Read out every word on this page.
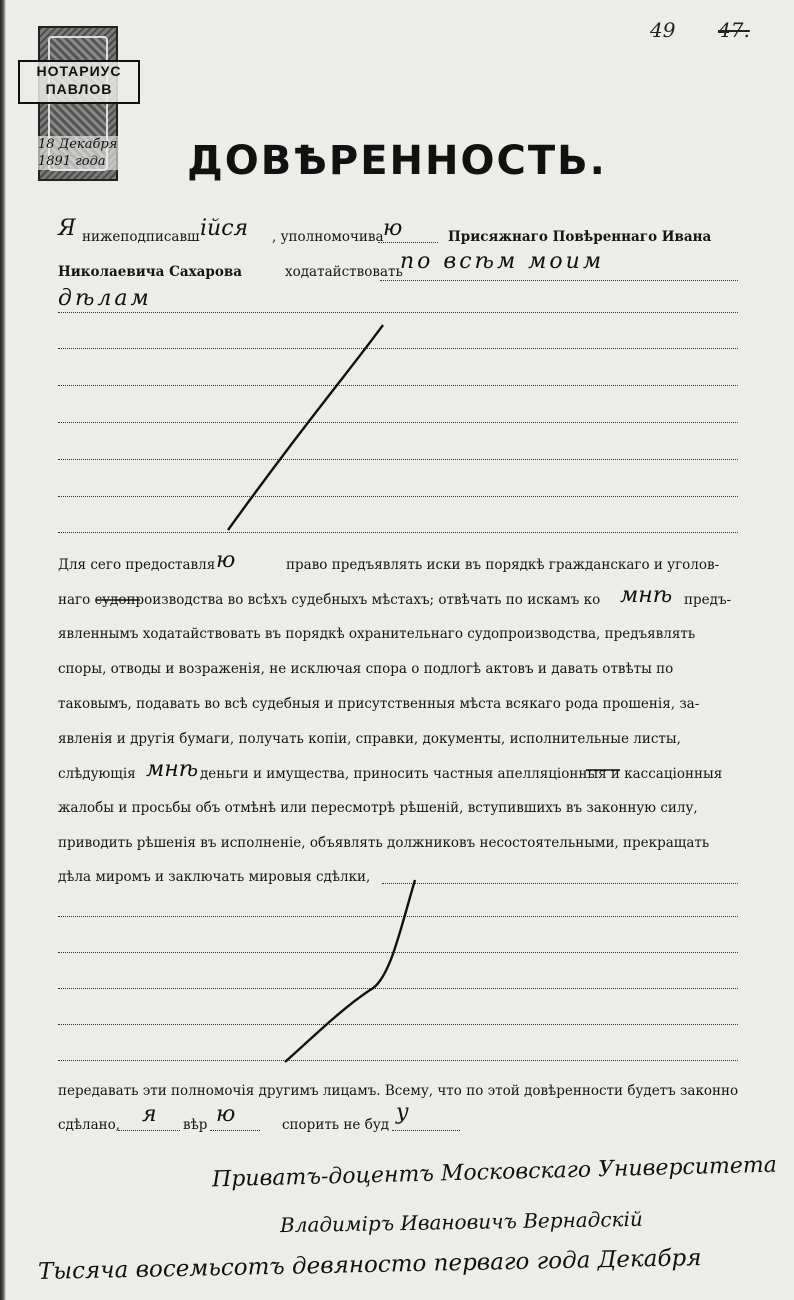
НОТАРИУС
ПАВЛОВ
18 Декабря
1891 года
49 47.
ДОВѢРЕННОСТЬ.
Я нижеподписавш ійся , уполномочива ю	Присяжнаго Повѣреннаго Ивана
Николаевича Сахарова	ходатайствовать
по всѣм моим
дѣлам
Для сего предоставля ю	право предъявлять иски въ порядкѣ гражданскаго и уголов-
наго судопроизводства во всѣхъ судебныхъ мѣстахъ; отвѣчать по искамъ ко мнѣ предъ-
явленнымъ ходатайствовать въ порядкѣ охранительнаго судопроизводства, предъявлять
споры, отводы и возраженія, не исключая спора о подлогѣ актовъ и давать отвѣты по
таковымъ, подавать во всѣ судебныя и присутственныя мѣста всякаго рода прошенія, за-
явленія и другія бумаги, получать копіи, справки, документы, исполнительные листы,
слѣдующія мнѣ деньги и имущества, приносить частныя апелляціонныя и кассаціонныя
жалобы и просьбы объ отмѣнѣ или пересмотрѣ рѣшеній, вступившихъ въ законную силу,
приводить рѣшенія въ исполненіе, объявлять должниковъ несостоятельными, прекращать
дѣла миромъ и заключать мировыя сдѣлки,
передавать эти полномочія другимъ лицамъ. Всему, что по этой довѣренности будетъ законно
сдѣлано, я вѣр ю	спорить не буд у
Приватъ-доцентъ Московскаго Университета
Владиміръ Ивановичъ Вернадскій
Тысяча восемьсотъ девяносто перваго года Декабря
